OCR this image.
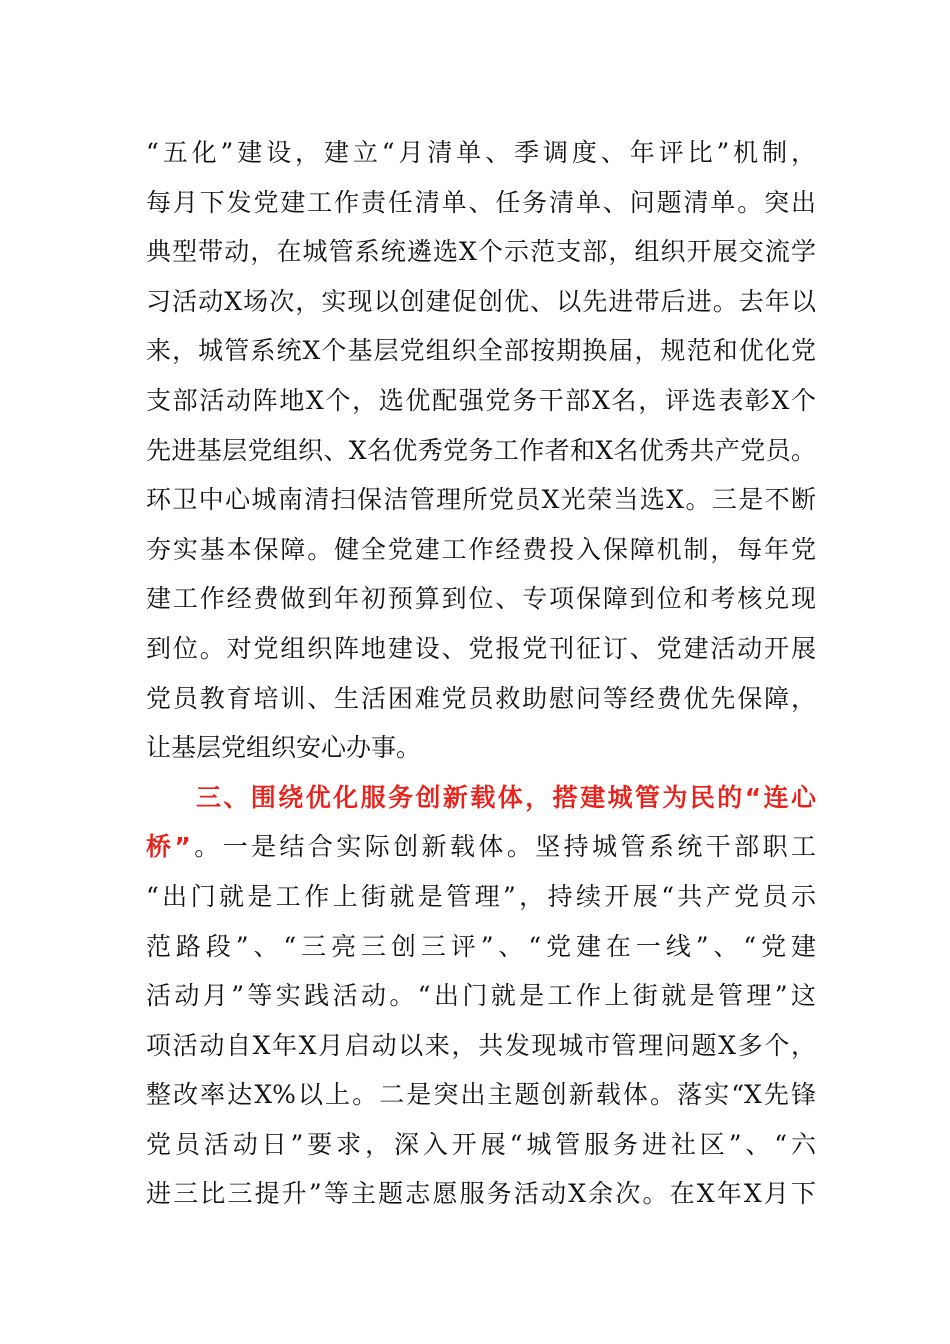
“五化”建设，建立“月清单、季调度、年评比”机制，
每月下发党建工作责任清单、任务清单、问题清单。突出
典型带动，在城管系统遴选X个示范支部，组织开展交流学
习活动X场次，实现以创建促创优、以先进带后进。去年以
来，城管系统X个基层党组织全部按期换届，规范和优化党
支部活动阵地X个，选优配强党务干部X名，评选表彰X个
先进基层党组织、X名优秀党务工作者和X名优秀共产党员。
环卫中心城南清扫保洁管理所党员X光荣当选X。三是不断
夯实基本保障。健全党建工作经费投入保障机制，每年党
建工作经费做到年初预算到位、专项保障到位和考核兑现
到位。对党组织阵地建设、党报党刊征订、党建活动开展
党员教育培训、生活困难党员救助慰问等经费优先保障，
让基层党组织安心办事。
三、围绕优化服务创新载体，搭建城管为民的“连心
桥”。一是结合实际创新载体。坚持城管系统干部职工
“出门就是工作上街就是管理”，持续开展“共产党员示
范路段”、“三亮三创三评”、“党建在一线”、“党建
活动月”等实践活动。“出门就是工作上街就是管理”这
项活动自X年X月启动以来，共发现城市管理问题X多个，
整改率达X%以上。二是突出主题创新载体。落实“X先锋
党员活动日”要求，深入开展“城管服务进社区”、“六
进三比三提升”等主题志愿服务活动X余次。在X年X月下
